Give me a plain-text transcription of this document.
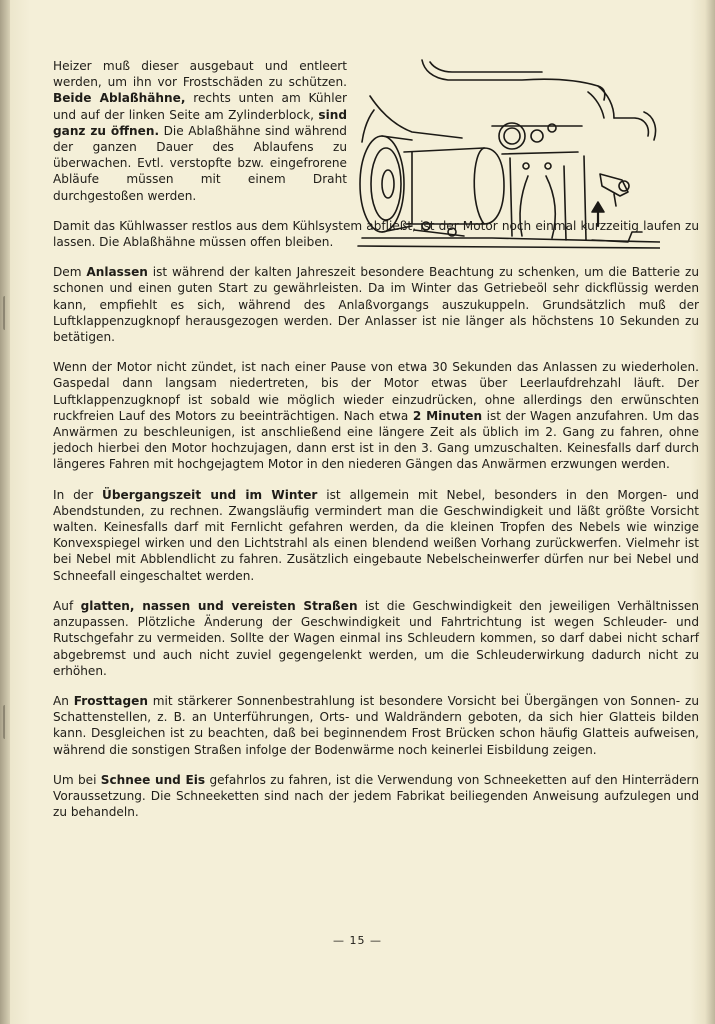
Heizer muß dieser ausgebaut und entleert werden, um ihn vor Frostschäden zu schützen. Beide Ablaßhähne, rechts unten am Kühler und auf der linken Seite am Zylinderblock, sind ganz zu öffnen. Die Ablaßhähne sind während der ganzen Dauer des Ablaufens zu überwachen. Evtl. verstopfte bzw. eingefrorene Abläufe müssen mit einem Draht durchgestoßen werden.

Damit das Kühlwasser restlos aus dem Kühlsystem abfließt, ist der Motor noch einmal kurzzeitig laufen zu lassen. Die Ablaßhähne müssen offen bleiben.

Dem Anlassen ist während der kalten Jahreszeit besondere Beachtung zu schenken, um die Batterie zu schonen und einen guten Start zu gewährleisten. Da im Winter das Getriebeöl sehr dickflüssig werden kann, empfiehlt es sich, während des Anlaßvorgangs auszukuppeln. Grundsätzlich muß der Luftklappenzugknopf herausgezogen werden. Der Anlasser ist nie länger als höchstens 10 Sekunden zu betätigen.

Wenn der Motor nicht zündet, ist nach einer Pause von etwa 30 Sekunden das Anlassen zu wiederholen. Gaspedal dann langsam niedertreten, bis der Motor etwas über Leerlaufdrehzahl läuft. Der Luftklappenzugknopf ist sobald wie möglich wieder einzudrücken, ohne allerdings den erwünschten ruckfreien Lauf des Motors zu beeinträchtigen. Nach etwa 2 Minuten ist der Wagen anzufahren. Um das Anwärmen zu beschleunigen, ist anschließend eine längere Zeit als üblich im 2. Gang zu fahren, ohne jedoch hierbei den Motor hochzujagen, dann erst ist in den 3. Gang umzuschalten. Keinesfalls darf durch längeres Fahren mit hochgejagtem Motor in den niederen Gängen das Anwärmen erzwungen werden.

In der Übergangszeit und im Winter ist allgemein mit Nebel, besonders in den Morgen- und Abendstunden, zu rechnen. Zwangsläufig vermindert man die Geschwindigkeit und läßt größte Vorsicht walten. Keinesfalls darf mit Fernlicht gefahren werden, da die kleinen Tropfen des Nebels wie winzige Konvexspiegel wirken und den Lichtstrahl als einen blendend weißen Vorhang zurückwerfen. Vielmehr ist bei Nebel mit Abblendlicht zu fahren. Zusätzlich eingebaute Nebelscheinwerfer dürfen nur bei Nebel und Schneefall eingeschaltet werden.

Auf glatten, nassen und vereisten Straßen ist die Geschwindigkeit den jeweiligen Verhältnissen anzupassen. Plötzliche Änderung der Geschwindigkeit und Fahrtrichtung ist wegen Schleuder- und Rutschgefahr zu vermeiden. Sollte der Wagen einmal ins Schleudern kommen, so darf dabei nicht scharf abgebremst und auch nicht zuviel gegengelenkt werden, um die Schleuderwirkung dadurch nicht zu erhöhen.

An Frosttagen mit stärkerer Sonnenbestrahlung ist besondere Vorsicht bei Übergängen von Sonnen- zu Schattenstellen, z. B. an Unterführungen, Orts- und Waldrändern geboten, da sich hier Glatteis bilden kann. Desgleichen ist zu beachten, daß bei beginnendem Frost Brücken schon häufig Glatteis aufweisen, während die sonstigen Straßen infolge der Bodenwärme noch keinerlei Eisbildung zeigen.

Um bei Schnee und Eis gefahrlos zu fahren, ist die Verwendung von Schneeketten auf den Hinterrädern Voraussetzung. Die Schneeketten sind nach der jedem Fabrikat beiliegenden Anweisung aufzulegen und zu behandeln.

— 15 —
